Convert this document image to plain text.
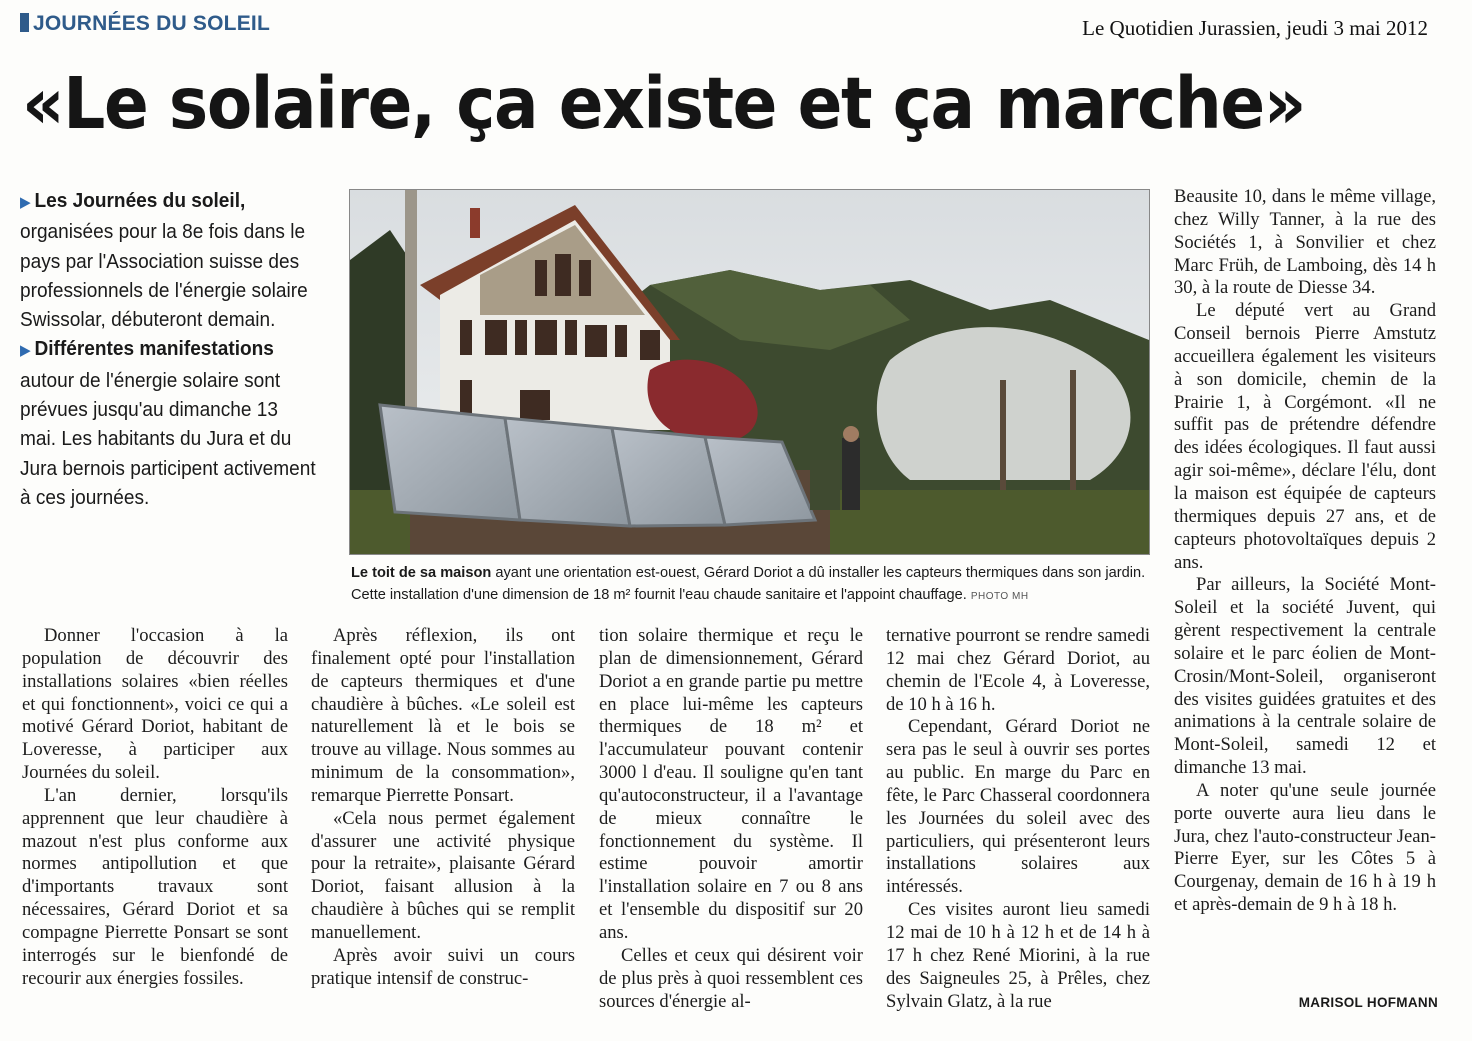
JOURNÉES DU SOLEIL	Le Quotidien Jurassien, jeudi 3 mai 2012
«Le solaire, ça existe et ça marche»

▶ Les Journées du soleil, organisées pour la 8e fois dans le pays par l'Association suisse des professionnels de l'énergie solaire Swissolar, débuteront demain.

▶ Différentes manifestations autour de l'énergie solaire sont prévues jusqu'au dimanche 13 mai. Les habitants du Jura et du Jura bernois participent activement à ces journées.

Le toit de sa maison ayant une orientation est-ouest, Gérard Doriot a dû installer les capteurs thermiques dans son jardin. Cette installation d'une dimension de 18 m² fournit l'eau chaude sanitaire et l'appoint chauffage. PHOTO MH

Donner l'occasion à la population de découvrir des installations solaires «bien réelles et qui fonctionnent», voici ce qui a motivé Gérard Doriot, habitant de Loveresse, à participer aux Journées du soleil.

L'an dernier, lorsqu'ils apprennent que leur chaudière à mazout n'est plus conforme aux normes antipollution et que d'importants travaux sont nécessaires, Gérard Doriot et sa compagne Pierrette Ponsart se sont interrogés sur le bienfondé de recourir aux énergies fossiles.

Après réflexion, ils ont finalement opté pour l'installation de capteurs thermiques et d'une chaudière à bûches. «Le soleil est naturellement là et le bois se trouve au village. Nous sommes au minimum de la consommation», remarque Pierrette Ponsart.

«Cela nous permet également d'assurer une activité physique pour la retraite», plaisante Gérard Doriot, faisant allusion à la chaudière à bûches qui se remplit manuellement.

Après avoir suivi un cours pratique intensif de construc-

tion solaire thermique et reçu le plan de dimensionnement, Gérard Doriot a en grande partie pu mettre en place lui-même les capteurs thermiques de 18 m² et l'accumulateur pouvant contenir 3000 l d'eau. Il souligne qu'en tant qu'autoconstructeur, il a l'avantage de mieux connaître le fonctionnement du système. Il estime pouvoir amortir l'installation solaire en 7 ou 8 ans et l'ensemble du dispositif sur 20 ans.

Celles et ceux qui désirent voir de plus près à quoi ressemblent ces sources d'énergie al-

ternative pourront se rendre samedi 12 mai chez Gérard Doriot, au chemin de l'Ecole 4, à Loveresse, de 10 h à 16 h.

Cependant, Gérard Doriot ne sera pas le seul à ouvrir ses portes au public. En marge du Parc en fête, le Parc Chasseral coordonnera les Journées du soleil avec des particuliers, qui présenteront leurs installations solaires aux intéressés.

Ces visites auront lieu samedi 12 mai de 10 h à 12 h et de 14 h à 17 h chez René Miorini, à la rue des Saigneules 25, à Prêles, chez Sylvain Glatz, à la rue

Beausite 10, dans le même village, chez Willy Tanner, à la rue des Sociétés 1, à Sonvilier et chez Marc Früh, de Lamboing, dès 14 h 30, à la route de Diesse 34.

Le député vert au Grand Conseil bernois Pierre Amstutz accueillera également les visiteurs à son domicile, chemin de la Prairie 1, à Corgémont. «Il ne suffit pas de prétendre défendre des idées écologiques. Il faut aussi agir soi-même», déclare l'élu, dont la maison est équipée de capteurs thermiques depuis 27 ans, et de capteurs photovoltaïques depuis 2 ans.

Par ailleurs, la Société Mont-Soleil et la société Juvent, qui gèrent respectivement la centrale solaire et le parc éolien de Mont-Crosin/Mont-Soleil, organiseront des visites guidées gratuites et des animations à la centrale solaire de Mont-Soleil, samedi 12 et dimanche 13 mai.

A noter qu'une seule journée porte ouverte aura lieu dans le Jura, chez l'auto-constructeur Jean-Pierre Eyer, sur les Côtes 5 à Courgenay, demain de 16 h à 19 h et après-demain de 9 h à 18 h.

MARISOL HOFMANN
